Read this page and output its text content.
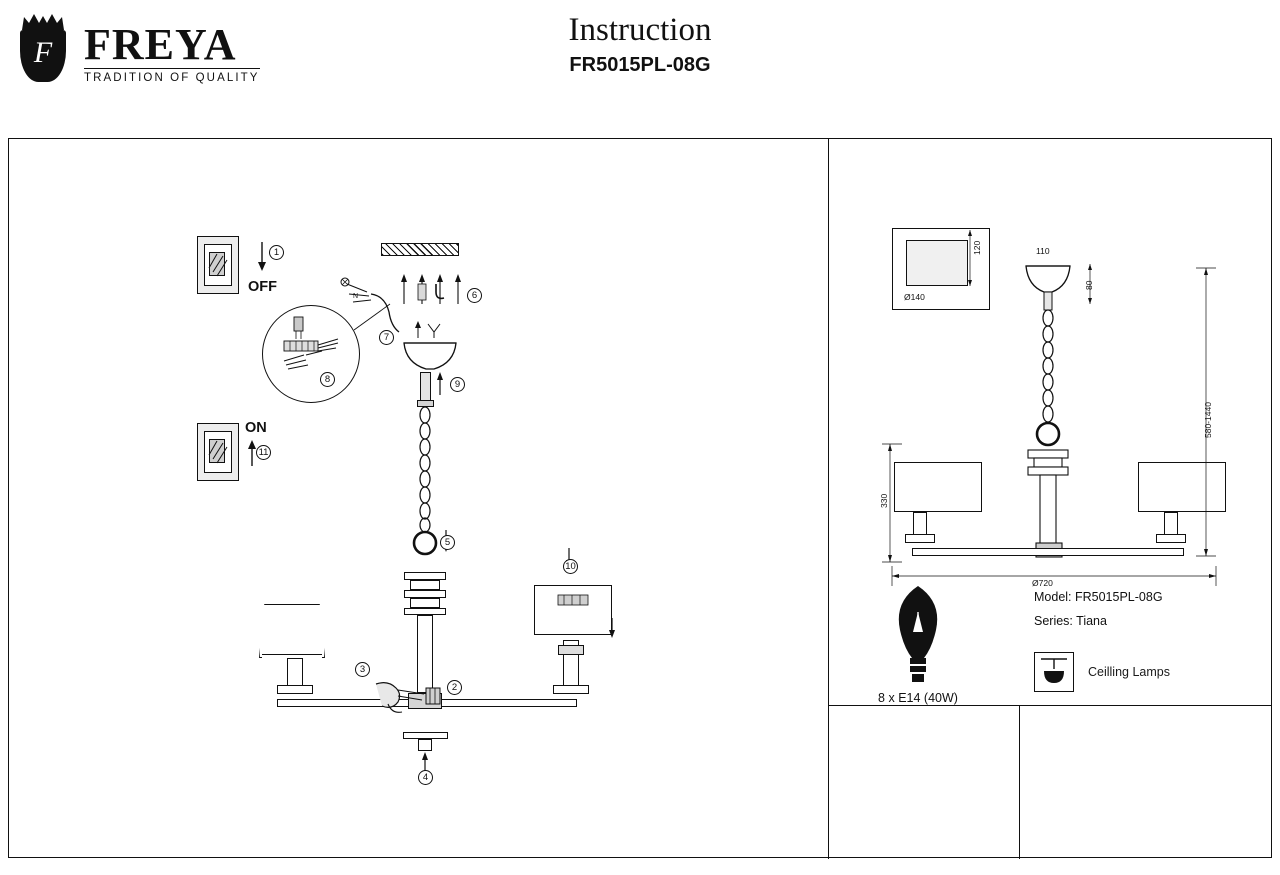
F FREYA
TRADITION OF QUALITY
Instruction
FR5015PL-08G
OFF
1
ON
11
6
N
7
9
5
10
3
2
4
8
Ø140
110
120
80
580-1440
330
Ø720
8 x E14 (40W)
Model: FR5015PL-08G
Series: Tiana
Ceilling Lamps
